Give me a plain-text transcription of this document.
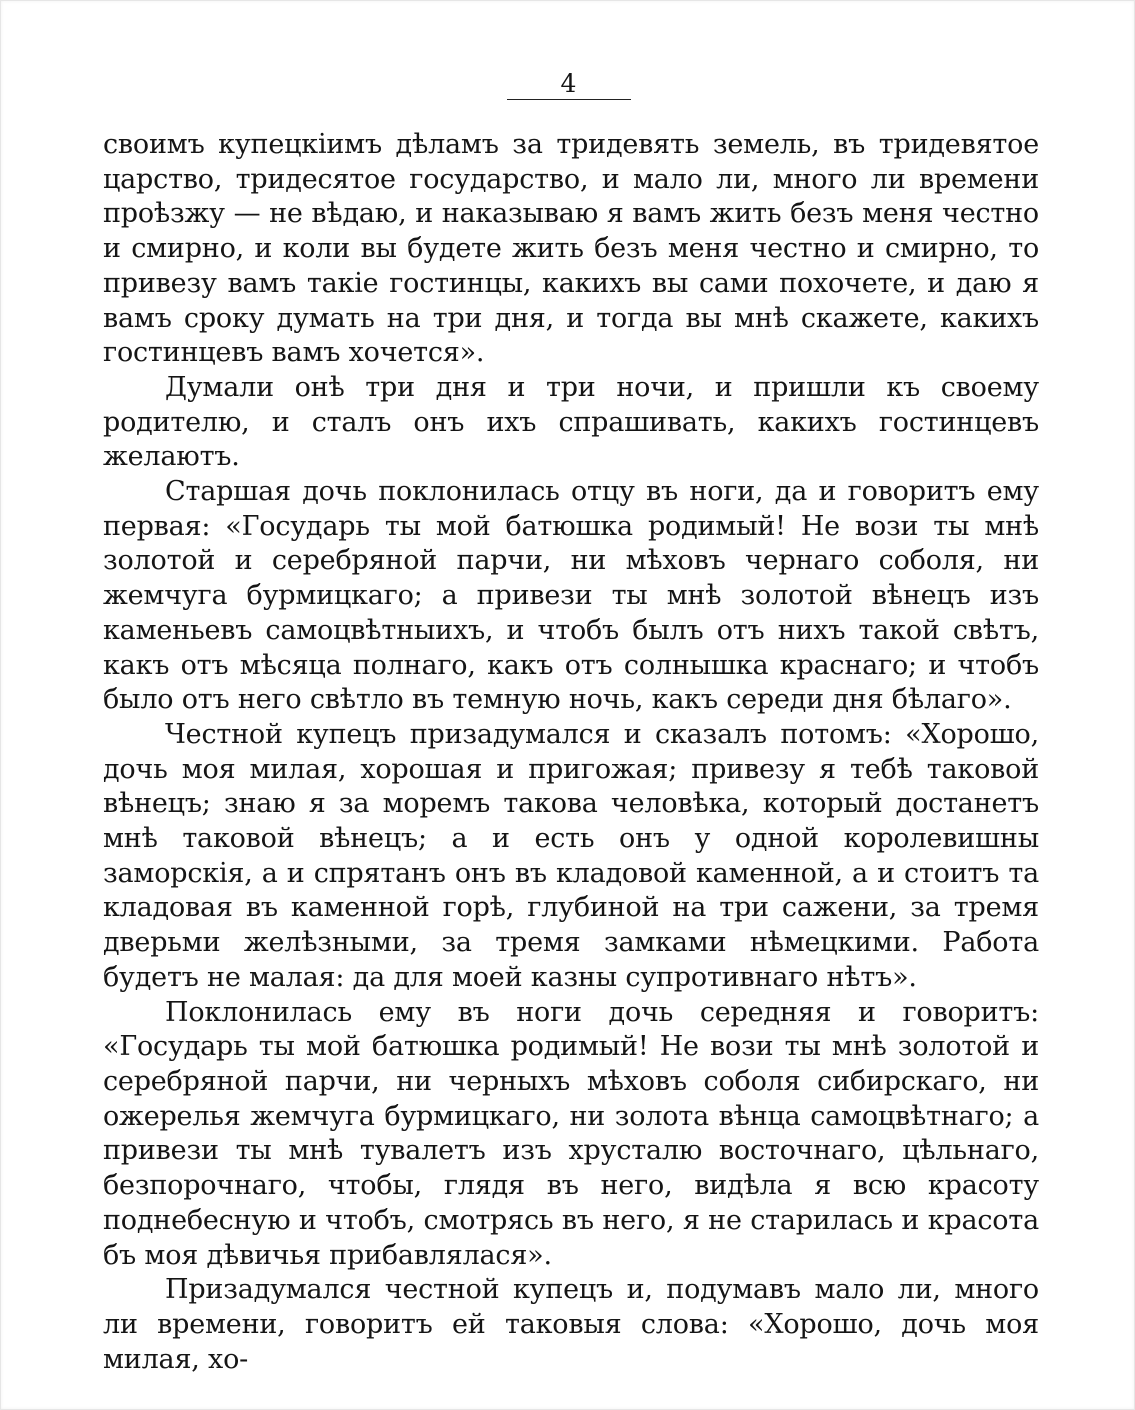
4

своимъ купецкiимъ дѣламъ за тридевять земель, въ тридевятое царство, тридесятое государство, и мало ли, много ли времени проѣзжу — не вѣдаю, и наказываю я вамъ жить безъ меня честно и смирно, и коли вы будете жить безъ меня честно и смирно, то привезу вамъ такiе гостинцы, какихъ вы сами похочете, и даю я вамъ сроку думать на три дня, и тогда вы мнѣ скажете, какихъ гостинцевъ вамъ хочется».

Думали онѣ три дня и три ночи, и пришли къ своему родителю, и сталъ онъ ихъ спрашивать, какихъ гостинцевъ желаютъ.

Старшая дочь поклонилась отцу въ ноги, да и говоритъ ему первая: «Государь ты мой батюшка родимый! Не вози ты мнѣ золотой и серебряной парчи, ни мѣховъ чернаго соболя, ни жемчуга бурмицкаго; а привези ты мнѣ золотой вѣнецъ изъ каменьевъ самоцвѣтныихъ, и чтобъ былъ отъ нихъ такой свѣтъ, какъ отъ мѣсяца полнаго, какъ отъ солнышка краснаго; и чтобъ было отъ него свѣтло въ темную ночь, какъ середи дня бѣлаго».

Честной купецъ призадумался и сказалъ потомъ: «Хорошо, дочь моя милая, хорошая и пригожая; привезу я тебѣ таковой вѣнецъ; знаю я за моремъ такова человѣка, который достанетъ мнѣ таковой вѣнецъ; а и есть онъ у одной королевишны заморскiя, а и спрятанъ онъ въ кладовой каменной, а и стоитъ та кладовая въ каменной горѣ, глубиной на три сажени, за тремя дверьми желѣзными, за тремя замками нѣмецкими. Работа будетъ не малая: да для моей казны супротивнаго нѣтъ».

Поклонилась ему въ ноги дочь середняя и говоритъ: «Государь ты мой батюшка родимый! Не вози ты мнѣ золотой и серебряной парчи, ни черныхъ мѣховъ соболя сибирскаго, ни ожерелья жемчуга бурмицкаго, ни золота вѣнца самоцвѣтнаго; а привези ты мнѣ тувалетъ изъ хрусталю восточнаго, цѣльнаго, безпорочнаго, чтобы, глядя въ него, видѣла я всю красоту поднебесную и чтобъ, смотрясь въ него, я не старилась и красота бъ моя дѣвичья прибавлялася».

Призадумался честной купецъ и, подумавъ мало ли, много ли времени, говоритъ ей таковыя слова: «Хорошо, дочь моя милая, хо-
